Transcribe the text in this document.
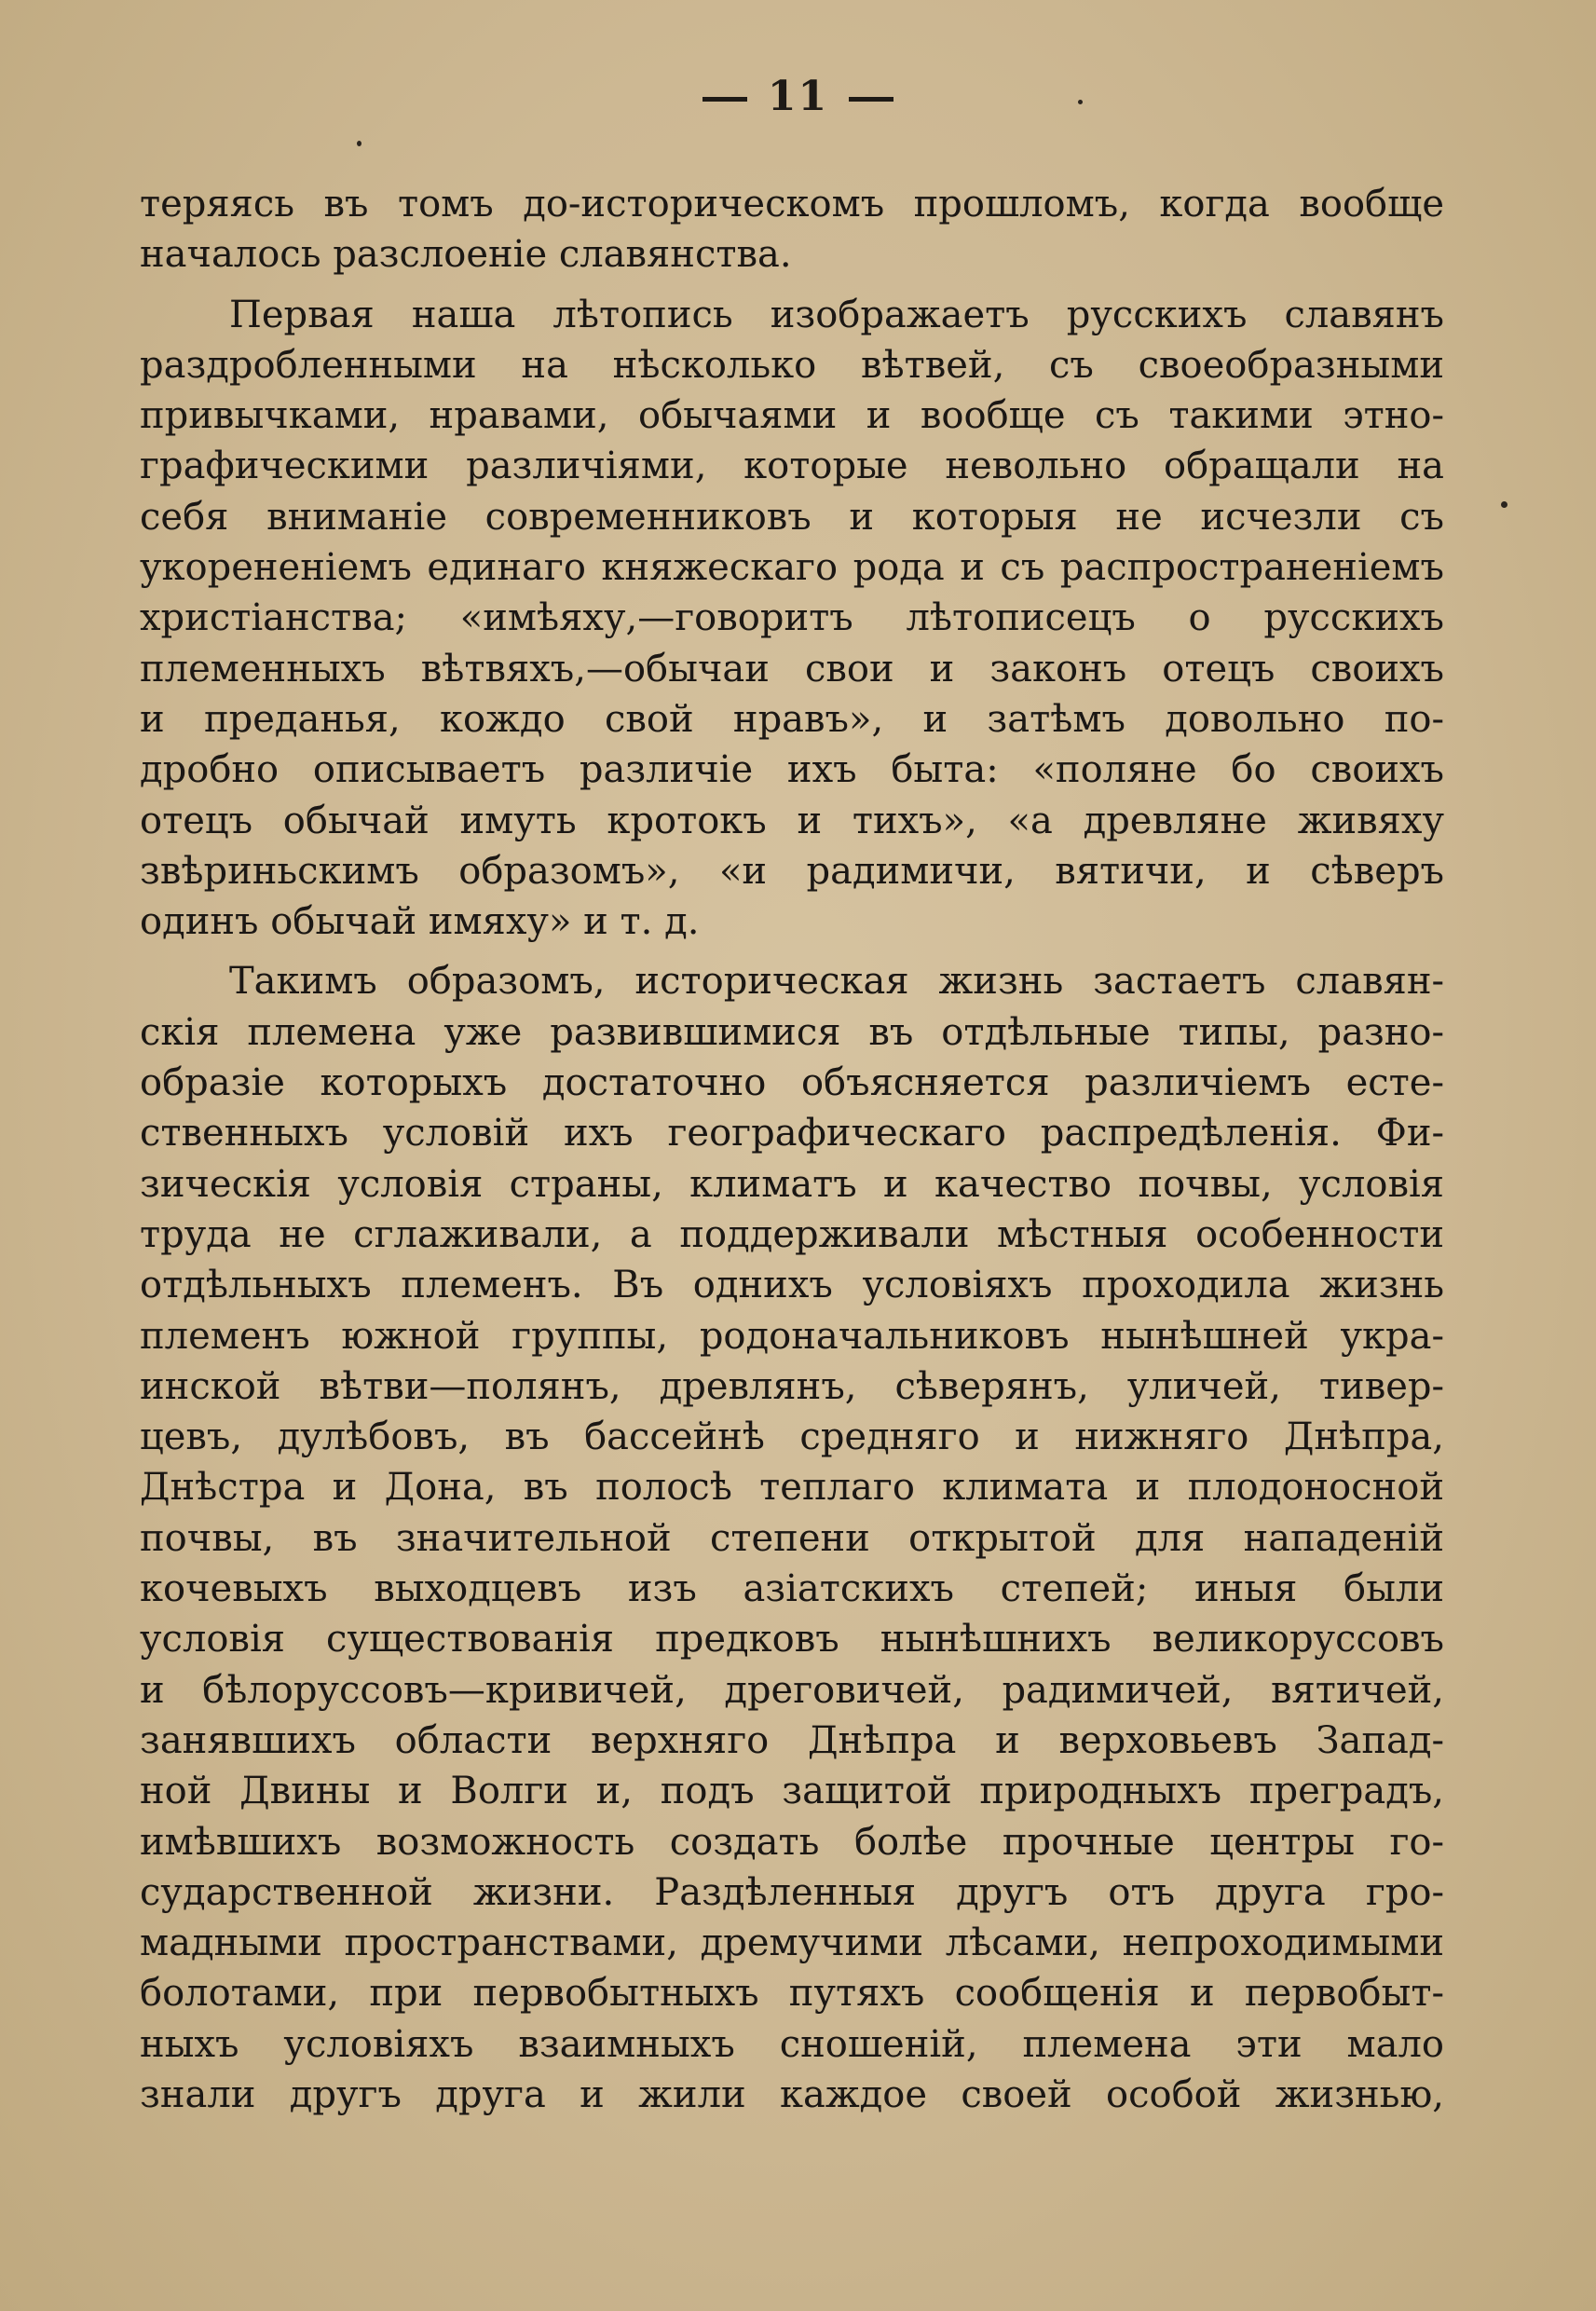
11
теряясь въ томъ до-историческомъ прошломъ, когда вообще
началось разслоеніе славянства.
Первая наша лѣтопись изображаетъ русскихъ славянъ
раздробленными на нѣсколько вѣтвей, съ своеобразными
привычками, нравами, обычаями и вообще съ такими этно-
графическими различіями, которые невольно обращали на
себя вниманіе современниковъ и которыя не исчезли съ
укорененіемъ единаго княжескаго рода и съ распространеніемъ
христіанства; «имѣяху,—говоритъ лѣтописецъ о русскихъ
племенныхъ вѣтвяхъ,—обычаи свои и законъ отецъ своихъ
и преданья, кождо свой нравъ», и затѣмъ довольно по-
дробно описываетъ различіе ихъ быта: «поляне бо своихъ
отецъ обычай имуть кротокъ и тихъ», «а древляне живяху
звѣриньскимъ образомъ», «и радимичи, вятичи, и сѣверъ
одинъ обычай имяху» и т. д.
Такимъ образомъ, историческая жизнь застаетъ славян-
скія племена уже развившимися въ отдѣльные типы, разно-
образіе которыхъ достаточно объясняется различіемъ есте-
ственныхъ условій ихъ географическаго распредѣленія. Фи-
зическія условія страны, климатъ и качество почвы, условія
труда не сглаживали, а поддерживали мѣстныя особенности
отдѣльныхъ племенъ. Въ однихъ условіяхъ проходила жизнь
племенъ южной группы, родоначальниковъ нынѣшней укра-
инской вѣтви—полянъ, древлянъ, сѣверянъ, уличей, тивер-
цевъ, дулѣбовъ, въ бассейнѣ средняго и нижняго Днѣпра,
Днѣстра и Дона, въ полосѣ теплаго климата и плодоносной
почвы, въ значительной степени открытой для нападеній
кочевыхъ выходцевъ изъ азіатскихъ степей; иныя были
условія существованія предковъ нынѣшнихъ великоруссовъ
и бѣлоруссовъ—кривичей, дреговичей, радимичей, вятичей,
занявшихъ области верхняго Днѣпра и верховьевъ Запад-
ной Двины и Волги и, подъ защитой природныхъ преградъ,
имѣвшихъ возможность создать болѣе прочные центры го-
сударственной жизни. Раздѣленныя другъ отъ друга гро-
мадными пространствами, дремучими лѣсами, непроходимыми
болотами, при первобытныхъ путяхъ сообщенія и первобыт-
ныхъ условіяхъ взаимныхъ сношеній, племена эти мало
знали другъ друга и жили каждое своей особой жизнью,
